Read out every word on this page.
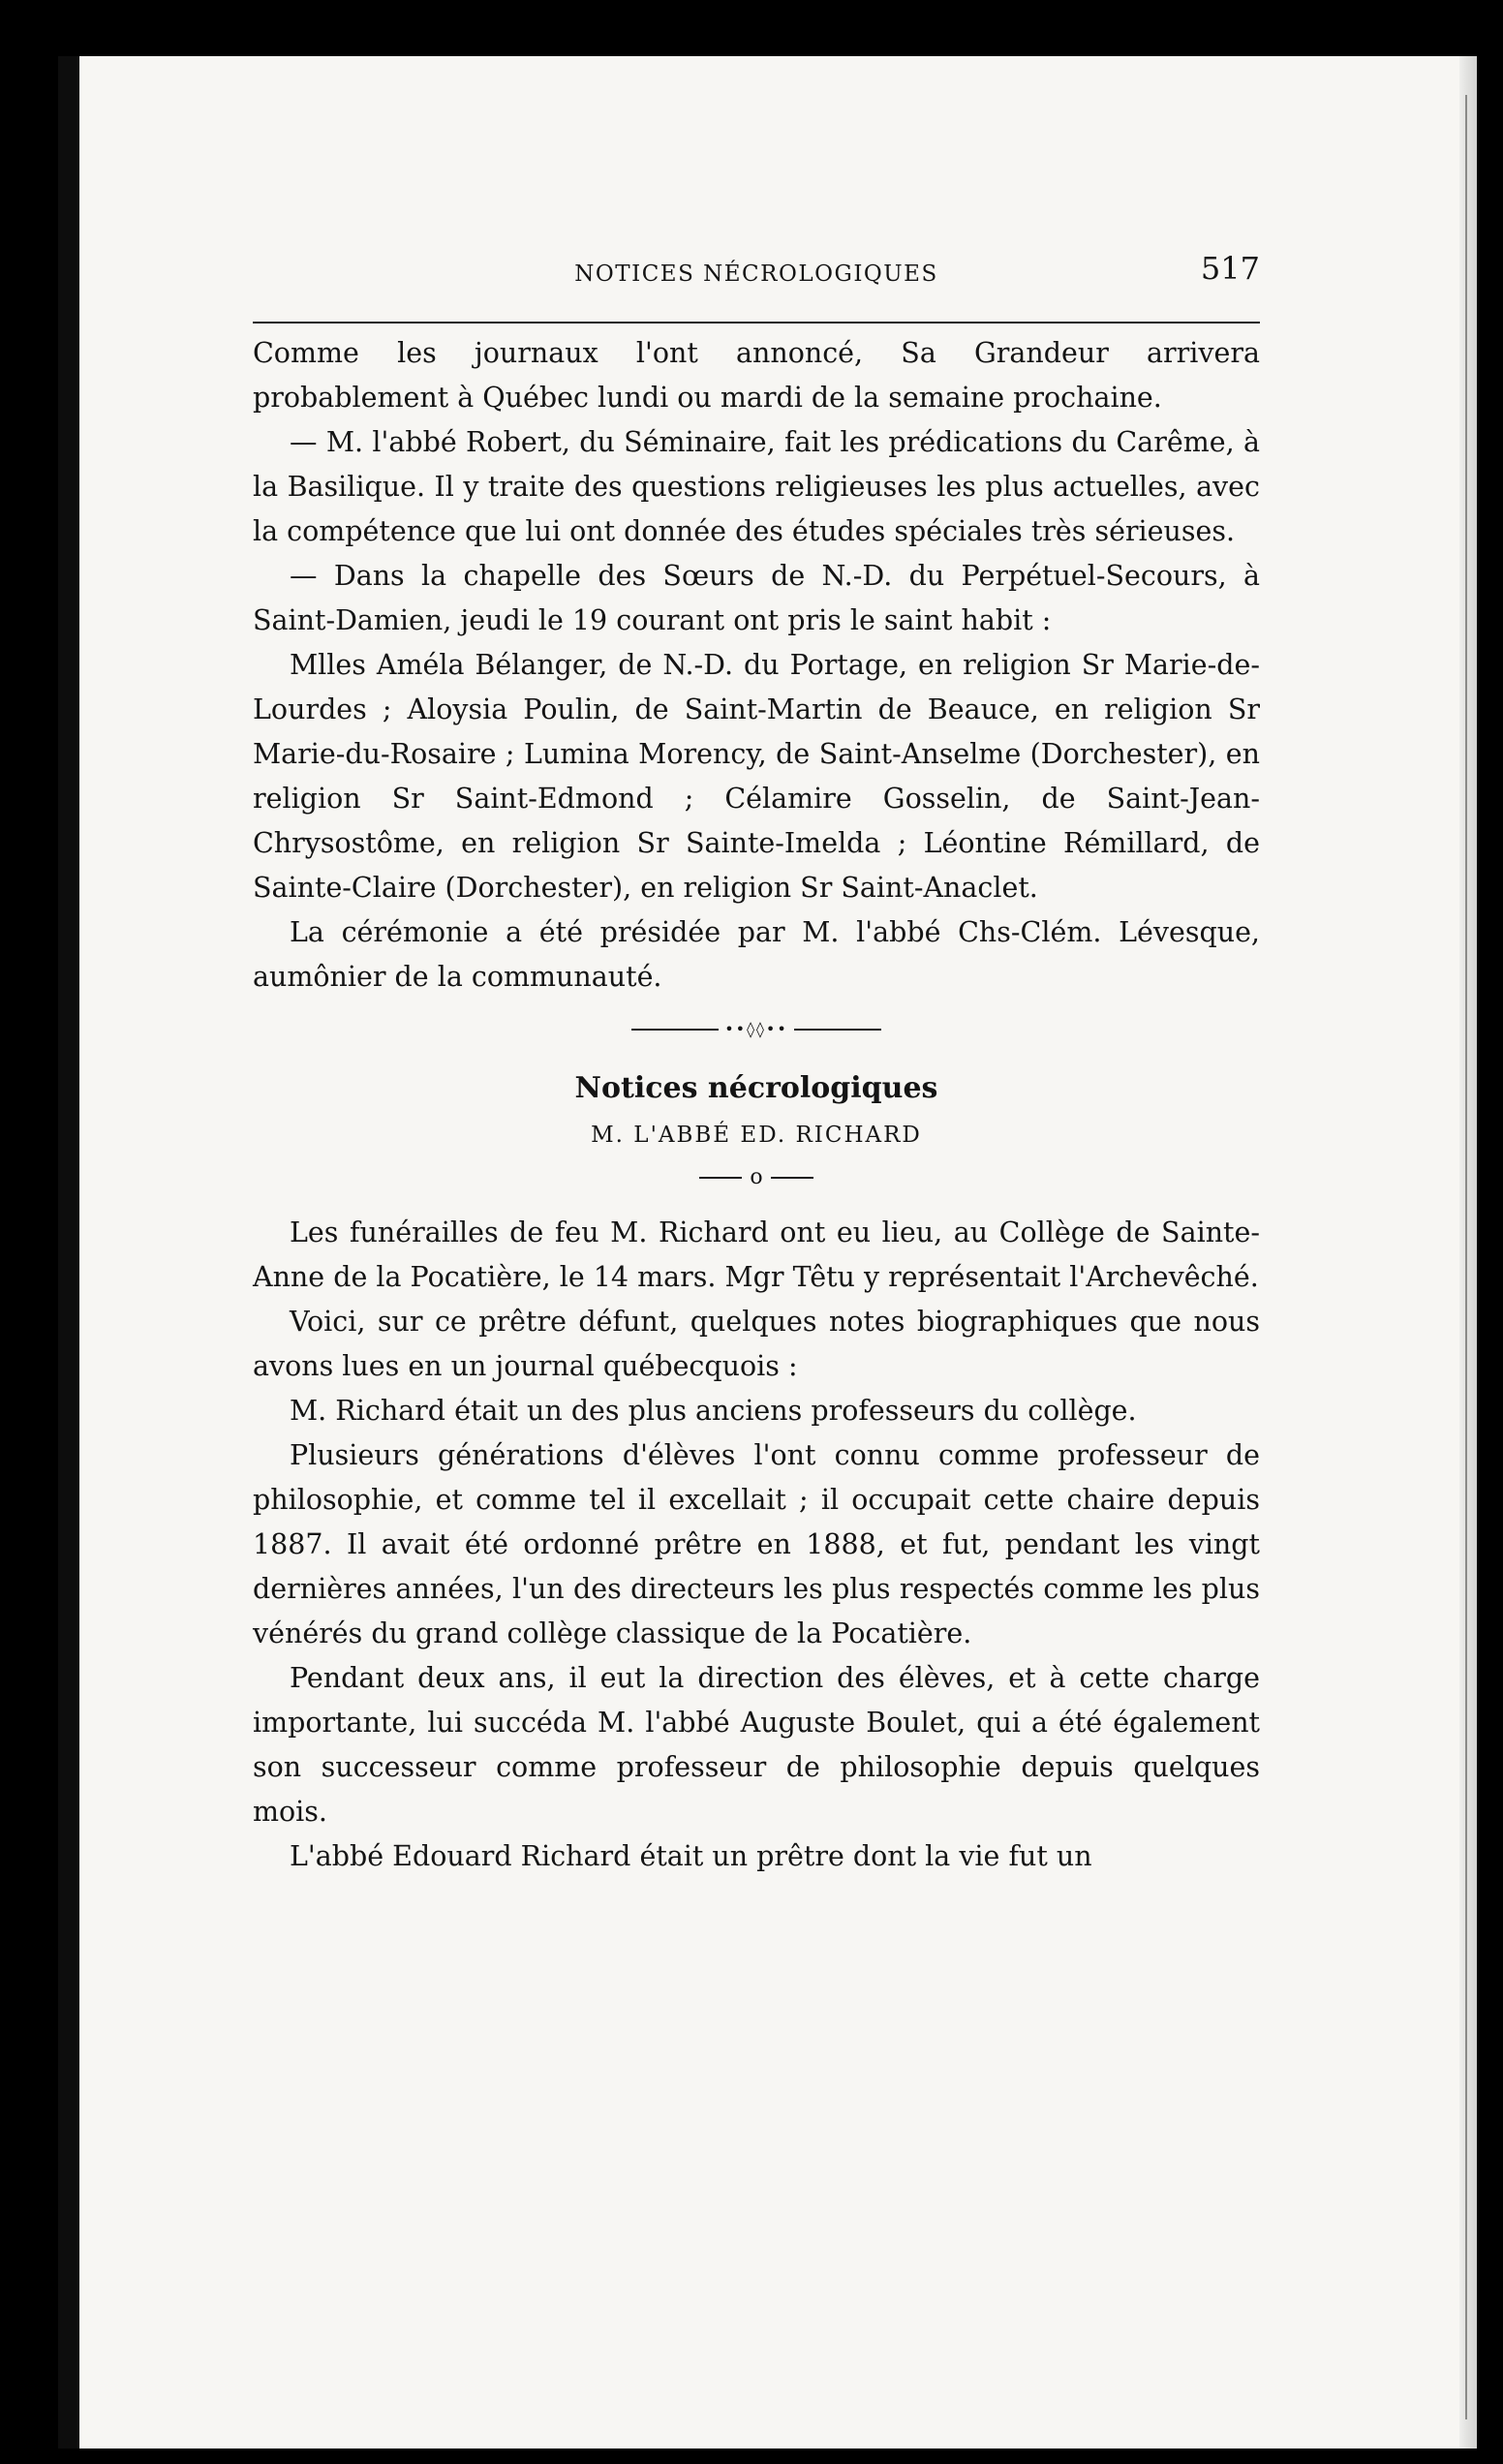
NOTICES NÉCROLOGIQUES	517

Comme les journaux l'ont annoncé, Sa Grandeur arrivera probablement à Québec lundi ou mardi de la semaine prochaine.

— M. l'abbé Robert, du Séminaire, fait les prédications du Carême, à la Basilique. Il y traite des questions religieuses les plus actuelles, avec la compétence que lui ont donnée des études spéciales très sérieuses.

— Dans la chapelle des Sœurs de N.-D. du Perpétuel-Secours, à Saint-Damien, jeudi le 19 courant ont pris le saint habit :

Mlles Améla Bélanger, de N.-D. du Portage, en religion Sr Marie-de-Lourdes ; Aloysia Poulin, de Saint-Martin de Beauce, en religion Sr Marie-du-Rosaire ; Lumina Morency, de Saint-Anselme (Dorchester), en religion Sr Saint-Edmond ; Célamire Gosselin, de Saint-Jean-Chrysostôme, en religion Sr Sainte-Imelda ; Léontine Rémillard, de Sainte-Claire (Dorchester), en religion Sr Saint-Anaclet.

La cérémonie a été présidée par M. l'abbé Chs-Clém. Lévesque, aumônier de la communauté.

••◊◊••
Notices nécrologiques
M. L'ABBÉ ED. RICHARD
o

Les funérailles de feu M. Richard ont eu lieu, au Collège de Sainte-Anne de la Pocatière, le 14 mars. Mgr Têtu y représentait l'Archevêché.

Voici, sur ce prêtre défunt, quelques notes biographiques que nous avons lues en un journal québecquois :

M. Richard était un des plus anciens professeurs du collège.

Plusieurs générations d'élèves l'ont connu comme professeur de philosophie, et comme tel il excellait ; il occupait cette chaire depuis 1887. Il avait été ordonné prêtre en 1888, et fut, pendant les vingt dernières années, l'un des directeurs les plus respectés comme les plus vénérés du grand collège classique de la Pocatière.

Pendant deux ans, il eut la direction des élèves, et à cette charge importante, lui succéda M. l'abbé Auguste Boulet, qui a été également son successeur comme professeur de philosophie depuis quelques mois.

L'abbé Edouard Richard était un prêtre dont la vie fut un
